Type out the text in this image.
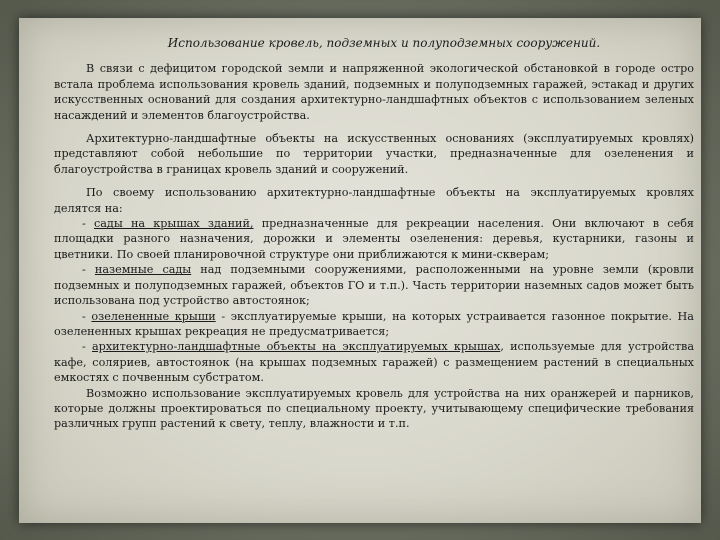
Использование кровель, подземных и полуподземных сооружений.

В связи с дефицитом городской земли и напряженной экологической обстановкой в городе остро встала проблема использования кровель зданий, подземных и полуподземных гаражей, эстакад и других искусственных оснований для создания архитектурно-ландшафтных объектов с использованием зеленых насаждений и элементов благоустройства.

Архитектурно-ландшафтные объекты на искусственных основаниях (эксплуатируемых кровлях) представляют собой небольшие по территории участки, предназначенные для озеленения и благоустройства в границах кровель зданий и сооружений.

По своему использованию архитектурно-ландшафтные объекты на эксплуатируемых кровлях делятся на:

- сады на крышах зданий, предназначенные для рекреации населения. Они включают в себя площадки разного назначения, дорожки и элементы озеленения: деревья, кустарники, газоны и цветники. По своей планировочной структуре они приближаются к мини-скверам;

- наземные сады над подземными сооружениями, расположенными на уровне земли (кровли подземных и полуподземных гаражей, объектов ГО и т.п.). Часть территории наземных садов может быть использована под устройство автостоянок;

- озелененные крыши - эксплуатируемые крыши, на которых устраивается газонное покрытие. На озелененных крышах рекреация не предусматривается;

- архитектурно-ландшафтные объекты на эксплуатируемых крышах, используемые для устройства кафе, соляриев, автостоянок (на крышах подземных гаражей) с размещением растений в специальных емкостях с почвенным субстратом.

Возможно использование эксплуатируемых кровель для устройства на них оранжерей и парников, которые должны проектироваться по специальному проекту, учитывающему специфические требования различных групп растений к свету, теплу, влажности и т.п.
